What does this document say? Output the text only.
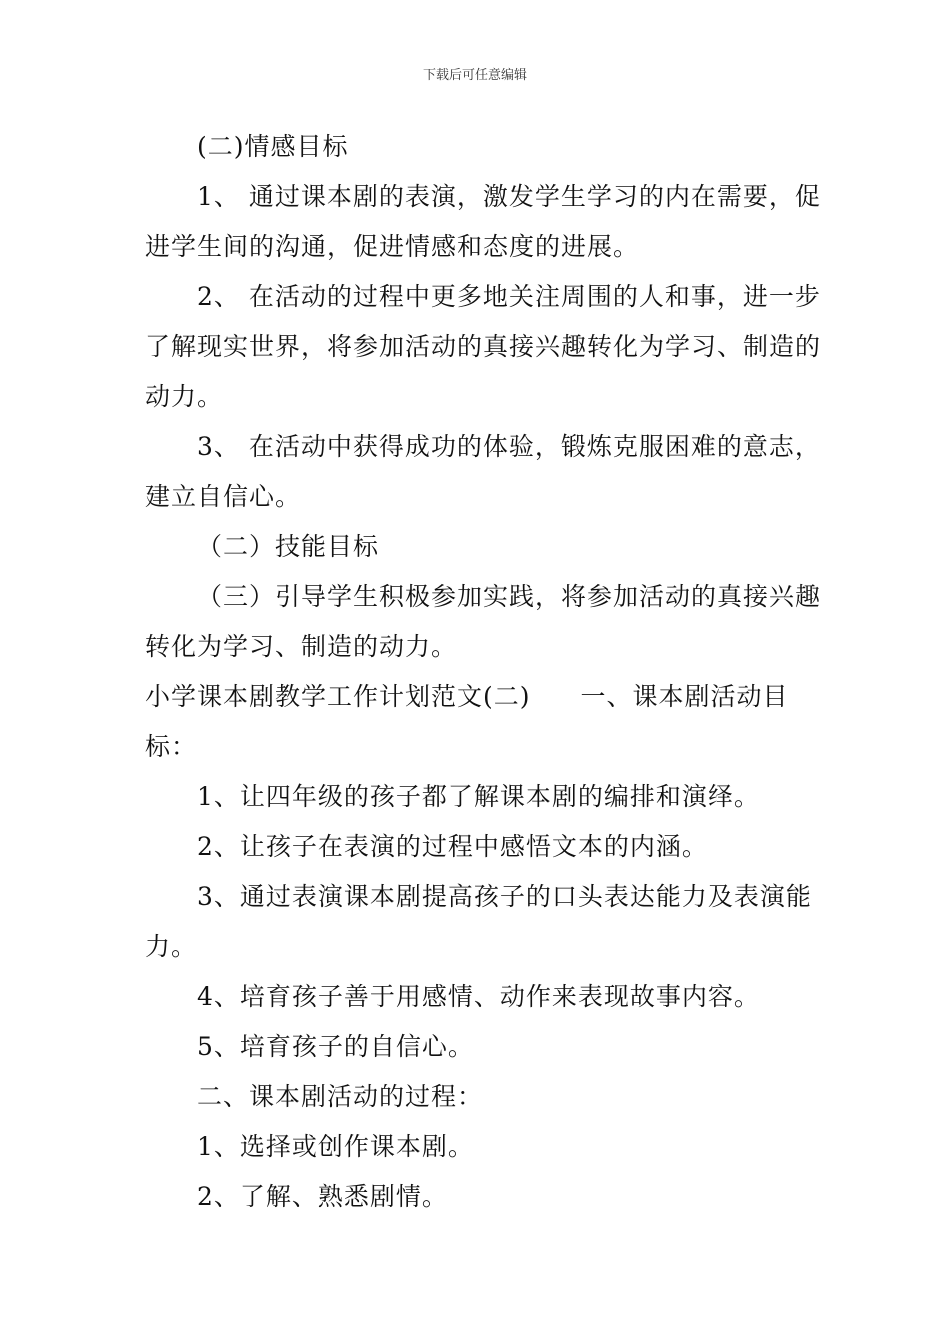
下载后可任意编辑

(二)情感目标

1、 通过课本剧的表演，激发学生学习的内在需要，促进学生间的沟通，促进情感和态度的进展。

2、 在活动的过程中更多地关注周围的人和事，进一步了解现实世界，将参加活动的真接兴趣转化为学习、制造的动力。

3、 在活动中获得成功的体验，锻炼克服困难的意志，建立自信心。

（二）技能目标

（三）引导学生积极参加实践，将参加活动的真接兴趣转化为学习、制造的动力。

小学课本剧教学工作计划范文(二) 一、课本剧活动目标：

1、让四年级的孩子都了解课本剧的编排和演绎。

2、让孩子在表演的过程中感悟文本的内涵。

3、通过表演课本剧提高孩子的口头表达能力及表演能力。

4、培育孩子善于用感情、动作来表现故事内容。

5、培育孩子的自信心。

二、课本剧活动的过程：

1、选择或创作课本剧。

2、了解、熟悉剧情。
